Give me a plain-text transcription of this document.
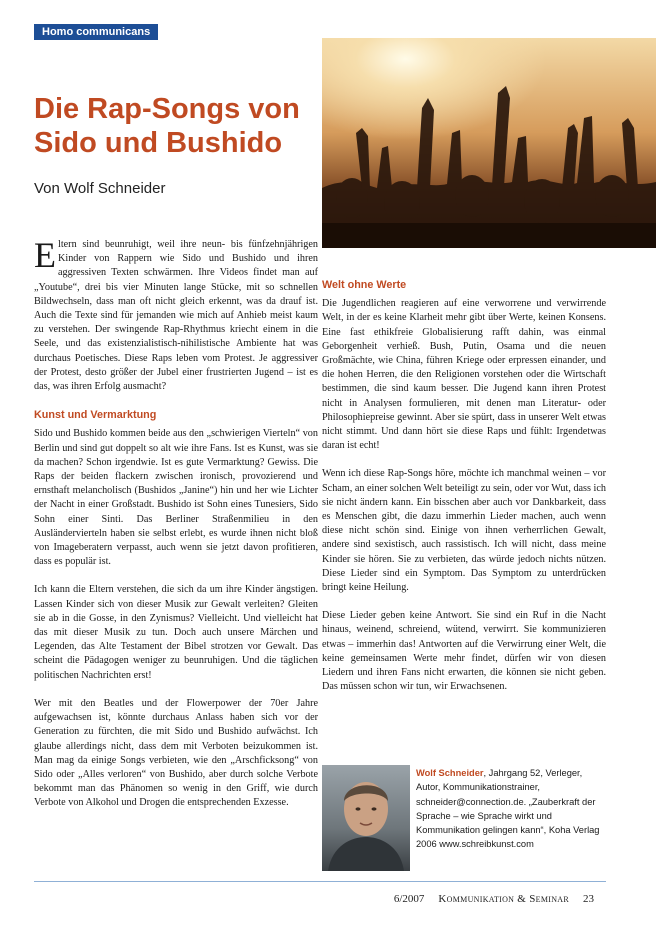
Homo communicans
Die Rap-Songs von Sido und Bushido

Von Wolf Schneider

Eltern sind beunruhigt, weil ihre neun- bis fünfzehnjährigen Kinder von Rappern wie Sido und Bushido und ihren aggressiven Texten schwärmen. Ihre Videos findet man auf „Youtube“, drei bis vier Minuten lange Stücke, mit so schnellen Bildwechseln, dass man oft nicht gleich erkennt, was da drauf ist. Auch die Texte sind für jemanden wie mich auf Anhieb meist kaum zu verstehen. Der swingende Rap-Rhythmus kriecht einem in die Seele, und das existenzialistisch-nihilistische Ambiente hat was durchaus Poetisches. Diese Raps leben vom Protest. Je aggressiver der Protest, desto größer der Jubel einer frustrierten Jugend – ist es das, was ihren Erfolg ausmacht?

Kunst und Vermarktung

Sido und Bushido kommen beide aus den „schwierigen Vierteln“ von Berlin und sind gut doppelt so alt wie ihre Fans. Ist es Kunst, was sie da machen? Schon irgendwie. Ist es gute Vermarktung? Gewiss. Die Raps der beiden flackern zwischen ironisch, provozierend und ernsthaft melancholisch (Bushidos „Janine“) hin und her wie Lichter der Nacht in einer Großstadt. Bushido ist Sohn eines Tunesiers, Sido Sohn einer Sinti. Das Berliner Straßenmilieu in den Ausländervierteln haben sie selbst erlebt, es wurde ihnen nicht bloß von Imageberatern verpasst, auch wenn sie jetzt davon profitieren, dass es populär ist.

Ich kann die Eltern verstehen, die sich da um ihre Kinder ängstigen. Lassen Kinder sich von dieser Musik zur Gewalt verleiten? Gleiten sie ab in die Gosse, in den Zynismus? Vielleicht. Und vielleicht hat das mit dieser Musik zu tun. Doch auch unsere Märchen und Legenden, das Alte Testament der Bibel strotzen vor Gewalt. Das scheint die Pädagogen weniger zu beunruhigen. Und die täglichen politischen Nachrichten erst!

Wer mit den Beatles und der Flowerpower der 70er Jahre aufgewachsen ist, könnte durchaus Anlass haben sich vor der Generation zu fürchten, die mit Sido und Bushido aufwächst. Ich glaube allerdings nicht, dass dem mit Verboten beizukommen ist. Man mag da einige Songs verbieten, wie den „Arschficksong“ von Sido oder „Alles verloren“ von Bushido, aber durch solche Verbote bekommt man das Phänomen so wenig in den Griff, wie durch Verbote von Alkohol und Drogen die entsprechenden Exzesse.

Welt ohne Werte

Die Jugendlichen reagieren auf eine verworrene und verwirrende Welt, in der es keine Klarheit mehr gibt über Werte, keinen Konsens. Eine fast ethikfreie Globalisierung rafft dahin, was einmal Geborgenheit verhieß. Bush, Putin, Osama und die neuen Großmächte, wie China, führen Kriege oder erpressen einander, und die hohen Herren, die den Religionen vorstehen oder die Wirtschaft bestimmen, die sind kaum besser. Die Jugend kann ihren Protest nicht in Analysen formulieren, mit denen man Literatur- oder Philosophiepreise gewinnt. Aber sie spürt, dass in unserer Welt etwas nicht stimmt. Und dann hört sie diese Raps und fühlt: Irgendetwas daran ist echt!

Wenn ich diese Rap-Songs höre, möchte ich manchmal weinen – vor Scham, an einer solchen Welt beteiligt zu sein, oder vor Wut, dass ich sie nicht ändern kann. Ein bisschen aber auch vor Dankbarkeit, dass es Menschen gibt, die dazu immerhin Lieder machen, auch wenn diese nicht schön sind. Einige von ihnen verherrlichen Gewalt, andere sind sexistisch, auch rassistisch. Ich will nicht, dass meine Kinder sie hören. Sie zu verbieten, das würde jedoch nichts nützen. Diese Lieder sind ein Symptom. Das Symptom zu unterdrücken bringt keine Heilung.

Diese Lieder geben keine Antwort. Sie sind ein Ruf in die Nacht hinaus, weinend, schreiend, wütend, verwirrt. Sie kommunizieren etwas – immerhin das! Antworten auf die Verwirrung einer Welt, die keine gemeinsamen Werte mehr findet, dürfen wir von diesen Liedern und ihren Fans nicht erwarten, die können sie nicht geben. Das müssen schon wir tun, wir Erwachsenen.

Wolf Schneider, Jahrgang 52, Verleger, Autor, Kommunikationstrainer, schneider@connection.de. „Zauberkraft der Sprache – wie Sprache wirkt und Kommunikation gelingen kann“, Koha Verlag 2006 www.schreibkunst.com
6/2007 Kommunikation & Seminar 23
